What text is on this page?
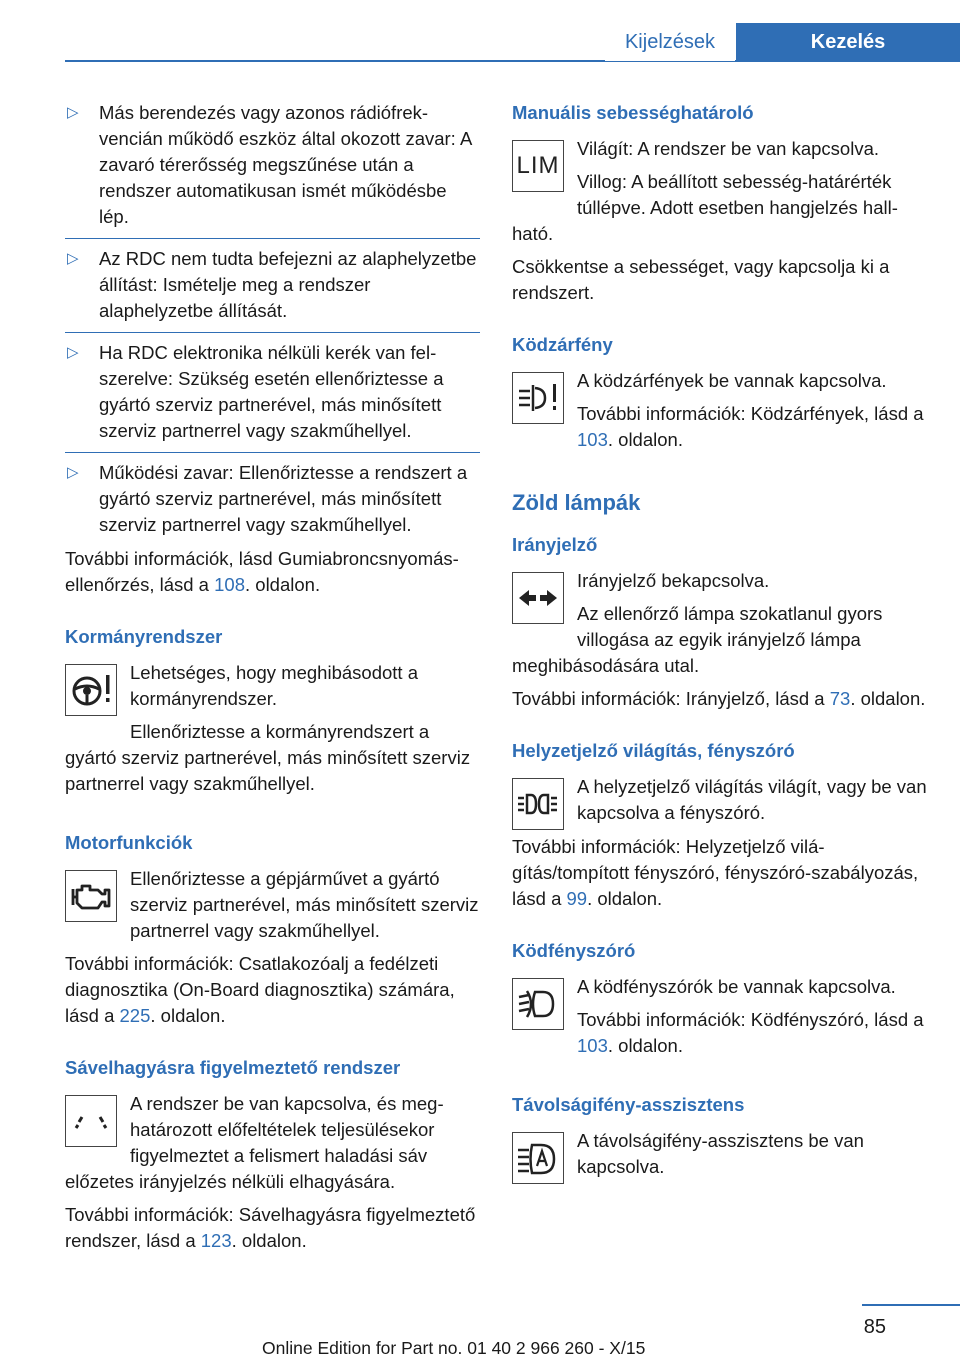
Kijelzések	Kezelés
▷ Más berendezés vagy azonos rádiófrekvencián működő eszköz által okozott zavar: A zavaró térerősség megszűnése után a rendszer automatikusan ismét működésbe lép.
▷ Az RDC nem tudta befejezni az alaphelyzetbe állítást: Ismételje meg a rendszer alaphelyzetbe állítását.
▷ Ha RDC elektronika nélküli kerék van felszerelve: Szükség esetén ellenőriztesse a gyártó szerviz partnerével, más minősített szerviz partnerrel vagy szakműhellyel.
▷ Működési zavar: Ellenőriztesse a rendszert a gyártó szerviz partnerével, más minősített szerviz partnerrel vagy szakműhellyel.

További információk, lásd Gumiabroncsnyomás-ellenőrzés, lásd a 108. oldalon.

Kormányrendszer

Lehetséges, hogy meghibásodott a kormányrendszer.

Ellenőriztesse a kormányrendszert a gyártó szerviz partnerével, más minősített szerviz partnerrel vagy szakműhellyel.

Motorfunkciók

Ellenőriztesse a gépjárművet a gyártó szerviz partnerével, más minősített szerviz partnerrel vagy szakműhellyel.

További információk: Csatlakozóalj a fedélzeti diagnosztika (On-Board diagnosztika) számára, lásd a 225. oldalon.

Sávelhagyásra figyelmeztető rendszer

A rendszer be van kapcsolva, és meghatározott előfeltételek teljesülésekor figyelmeztet a felismert haladási sáv előzetes irányjelzés nélküli elhagyására.

További információk: Sávelhagyásra figyelmeztető rendszer, lásd a 123. oldalon.

Manuális sebességhatároló
LIM

Világít: A rendszer be van kapcsolva.

Villog: A beállított sebesség-határérték túllépve. Adott esetben hangjelzés hallható.

Csökkentse a sebességet, vagy kapcsolja ki a rendszert.

Ködzárfény

A ködzárfények be vannak kapcsolva.

További információk: Ködzárfények, lásd a 103. oldalon.

Zöld lámpák
Irányjelző

Irányjelző bekapcsolva.

Az ellenőrző lámpa szokatlanul gyors villogása az egyik irányjelző lámpa meghibásodására utal.

További információk: Irányjelző, lásd a 73. oldalon.

Helyzetjelző világítás, fényszóró

A helyzetjelző világítás világít, vagy be van kapcsolva a fényszóró.

További információk: Helyzetjelző világítás/tompított fényszóró, fényszóró-szabályozás, lásd a 99. oldalon.

Ködfényszóró

A ködfényszórók be vannak kapcsolva.

További információk: Ködfényszóró, lásd a 103. oldalon.

Távolságifény-asszisztens

A távolságifény-asszisztens be van kapcsolva.

85
Online Edition for Part no. 01 40 2 966 260 - X/15
